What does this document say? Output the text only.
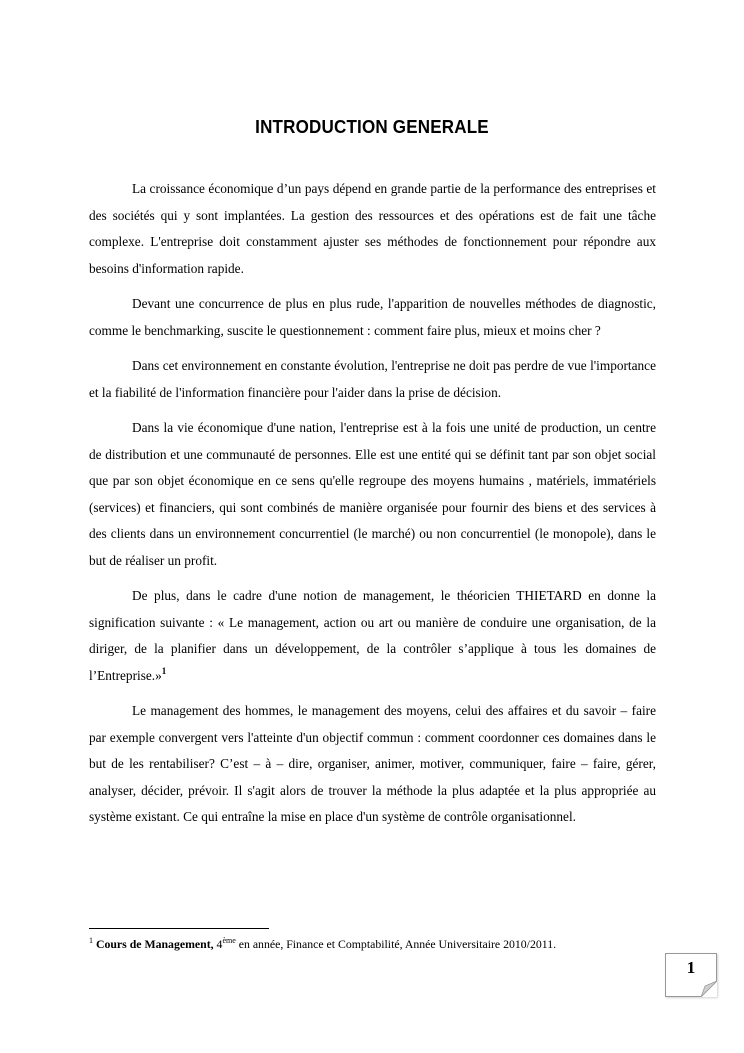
INTRODUCTION GENERALE

La croissance économique d’un pays dépend en grande partie de la performance des entreprises et des sociétés qui y sont implantées. La gestion des ressources et des opérations est de fait une tâche complexe. L'entreprise doit constamment ajuster ses méthodes de fonctionnement pour répondre aux besoins d'information rapide.

Devant une concurrence de plus en plus rude, l'apparition de nouvelles méthodes de diagnostic, comme le benchmarking, suscite le questionnement : comment faire plus, mieux et moins cher ?

Dans cet environnement en constante évolution, l'entreprise ne doit pas perdre de vue l'importance et la fiabilité de l'information financière pour l'aider dans la prise de décision.

Dans la vie économique d'une nation, l'entreprise est à la fois une unité de production, un centre de distribution et une communauté de personnes. Elle est une entité qui se définit tant par son objet social que par son objet économique en ce sens qu'elle regroupe des moyens humains , matériels, immatériels (services) et financiers, qui sont combinés de manière organisée pour fournir des biens et des services à des clients dans un environnement concurrentiel (le marché) ou non concurrentiel (le monopole), dans le but de réaliser un profit.

De plus, dans le cadre d'une notion de management, le théoricien THIETARD en donne la signification suivante : « Le management, action ou art ou manière de conduire une organisation, de la diriger, de la planifier dans un développement, de la contrôler s’applique à tous les domaines de l’Entreprise.»$^1$

Le management des hommes, le management des moyens, celui des affaires et du savoir – faire par exemple convergent vers l'atteinte d'un objectif commun : comment coordonner ces domaines dans le but de les rentabiliser? C’est – à – dire, organiser, animer, motiver, communiquer, faire – faire, gérer, analyser, décider, prévoir. Il s'agit alors de trouver la méthode la plus adaptée et la plus appropriée au système existant. Ce qui entraîne la mise en place d'un système de contrôle organisationnel.

$^1$ Cours de Management, 4ème en année, Finance et Comptabilité, Année Universitaire 2010/2011.
1
